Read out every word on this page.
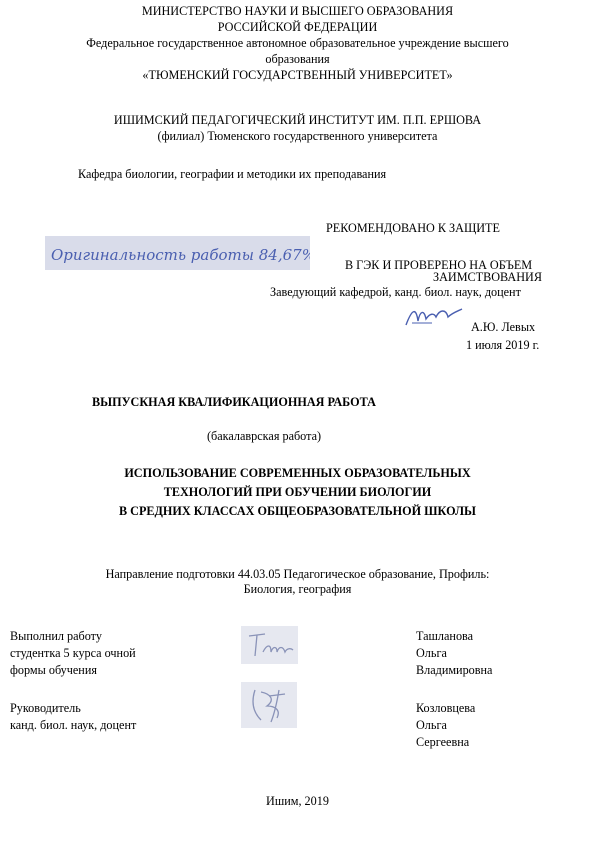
МИНИСТЕРСТВО НАУКИ И ВЫСШЕГО ОБРАЗОВАНИЯ
РОССИЙСКОЙ ФЕДЕРАЦИИ
Федеральное государственное автономное образовательное учреждение высшего
образования
«ТЮМЕНСКИЙ ГОСУДАРСТВЕННЫЙ УНИВЕРСИТЕТ»
ИШИМСКИЙ ПЕДАГОГИЧЕСКИЙ ИНСТИТУТ ИМ. П.П. ЕРШОВА
(филиал) Тюменского государственного университета
Кафедра биологии, географии и методики их преподавания
РЕКОМЕНДОВАНО К ЗАЩИТЕ
Оригинальность работы 84,67%
В ГЭК И ПРОВЕРЕНО НА ОБЪЕМ
ЗАИМСТВОВАНИЯ
Заведующий кафедрой, канд. биол. наук, доцент
А.Ю. Левых
1 июля 2019 г.
ВЫПУСКНАЯ КВАЛИФИКАЦИОННАЯ РАБОТА
(бакалаврская работа)
ИСПОЛЬЗОВАНИЕ СОВРЕМЕННЫХ ОБРАЗОВАТЕЛЬНЫХ
ТЕХНОЛОГИЙ ПРИ ОБУЧЕНИИ БИОЛОГИИ
В СРЕДНИХ КЛАССАХ ОБЩЕОБРАЗОВАТЕЛЬНОЙ ШКОЛЫ
Направление подготовки 44.03.05 Педагогическое образование, Профиль:
Биология, география
Выполнил работу
студентка 5 курса очной
формы обучения
Ташланова
Ольга
Владимировна
Руководитель
канд. биол. наук, доцент
Козловцева
Ольга
Сергеевна
Ишим, 2019
